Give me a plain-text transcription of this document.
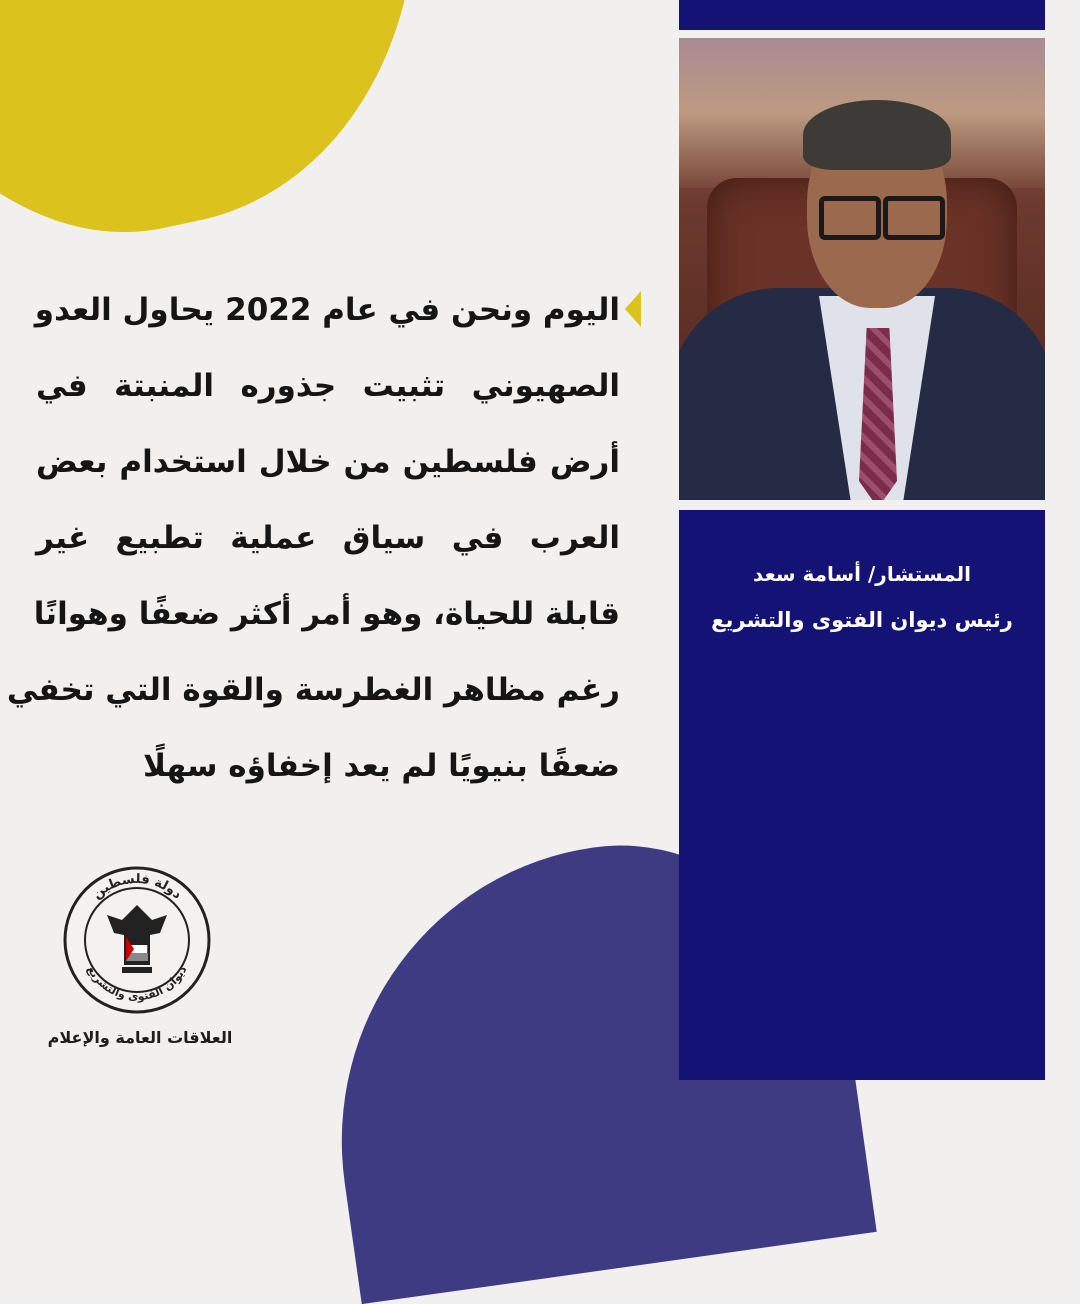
المستشار/ أسامة سعد
رئيس ديوان الفتوى والتشريع
اليوم ونحن في عام 2022 يحاول العدو
الصهيوني تثبيت جذوره المنبتة في
أرض فلسطين من خلال استخدام بعض
العرب في سياق عملية تطبيع غير
قابلة للحياة، وهو أمر أكثر ضعفًا وهوانًا
رغم مظاهر الغطرسة والقوة التي تخفي
ضعفًا بنيويًا لم يعد إخفاؤه سهلًا
دولة فلسطين
ديوان الفتوى والتشريع
العلاقات العامة والإعلام
